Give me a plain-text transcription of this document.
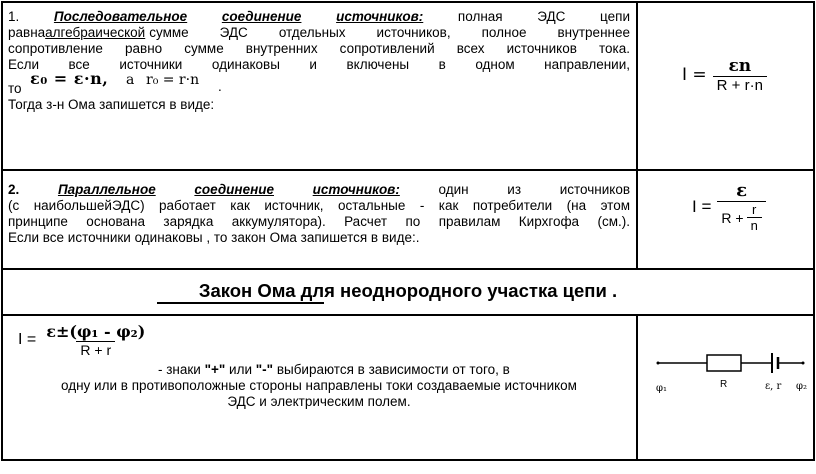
1.	Последовательное	соединение	источников:	полная ЭДС	цепи
равнаалгебраической сумме ЭДС отдельных источников, полное внутреннее
сопротивление равно сумме внутренних сопротивлений всех источников тока.
Если все источники одинаковы и включены в одном направлении,
то
ε₀ = ε·n, а r₀ = r·n .
Тогда з-н Ома запишется в виде:
$I = \frac{\varepsilon n}{R + r\cdot n}$
2.	Параллельное	соединение	источников:	один из источников
(с наибольшейЭДС) работает как источник, остальные - как потребители (на этом
принципе основана зарядка аккумулятора). Расчет по правилам Кирхгофа (см.).
Если все источники одинаковы , то закон Ома запишется в виде:.
$I = \frac{\varepsilon}{R + \frac{r}{n}}$
Закон Ома для неоднородного участка цепи .
$I = \frac{\text{ε±(φ₁ - φ₂)}}{R + r}$
- знаки "+" или "-" выбираются в зависимости от того, в
одну или в противоположные стороны направлены токи создаваемые источником
ЭДС и электрическим полем.
φ₁	R	ε, r φ₂
